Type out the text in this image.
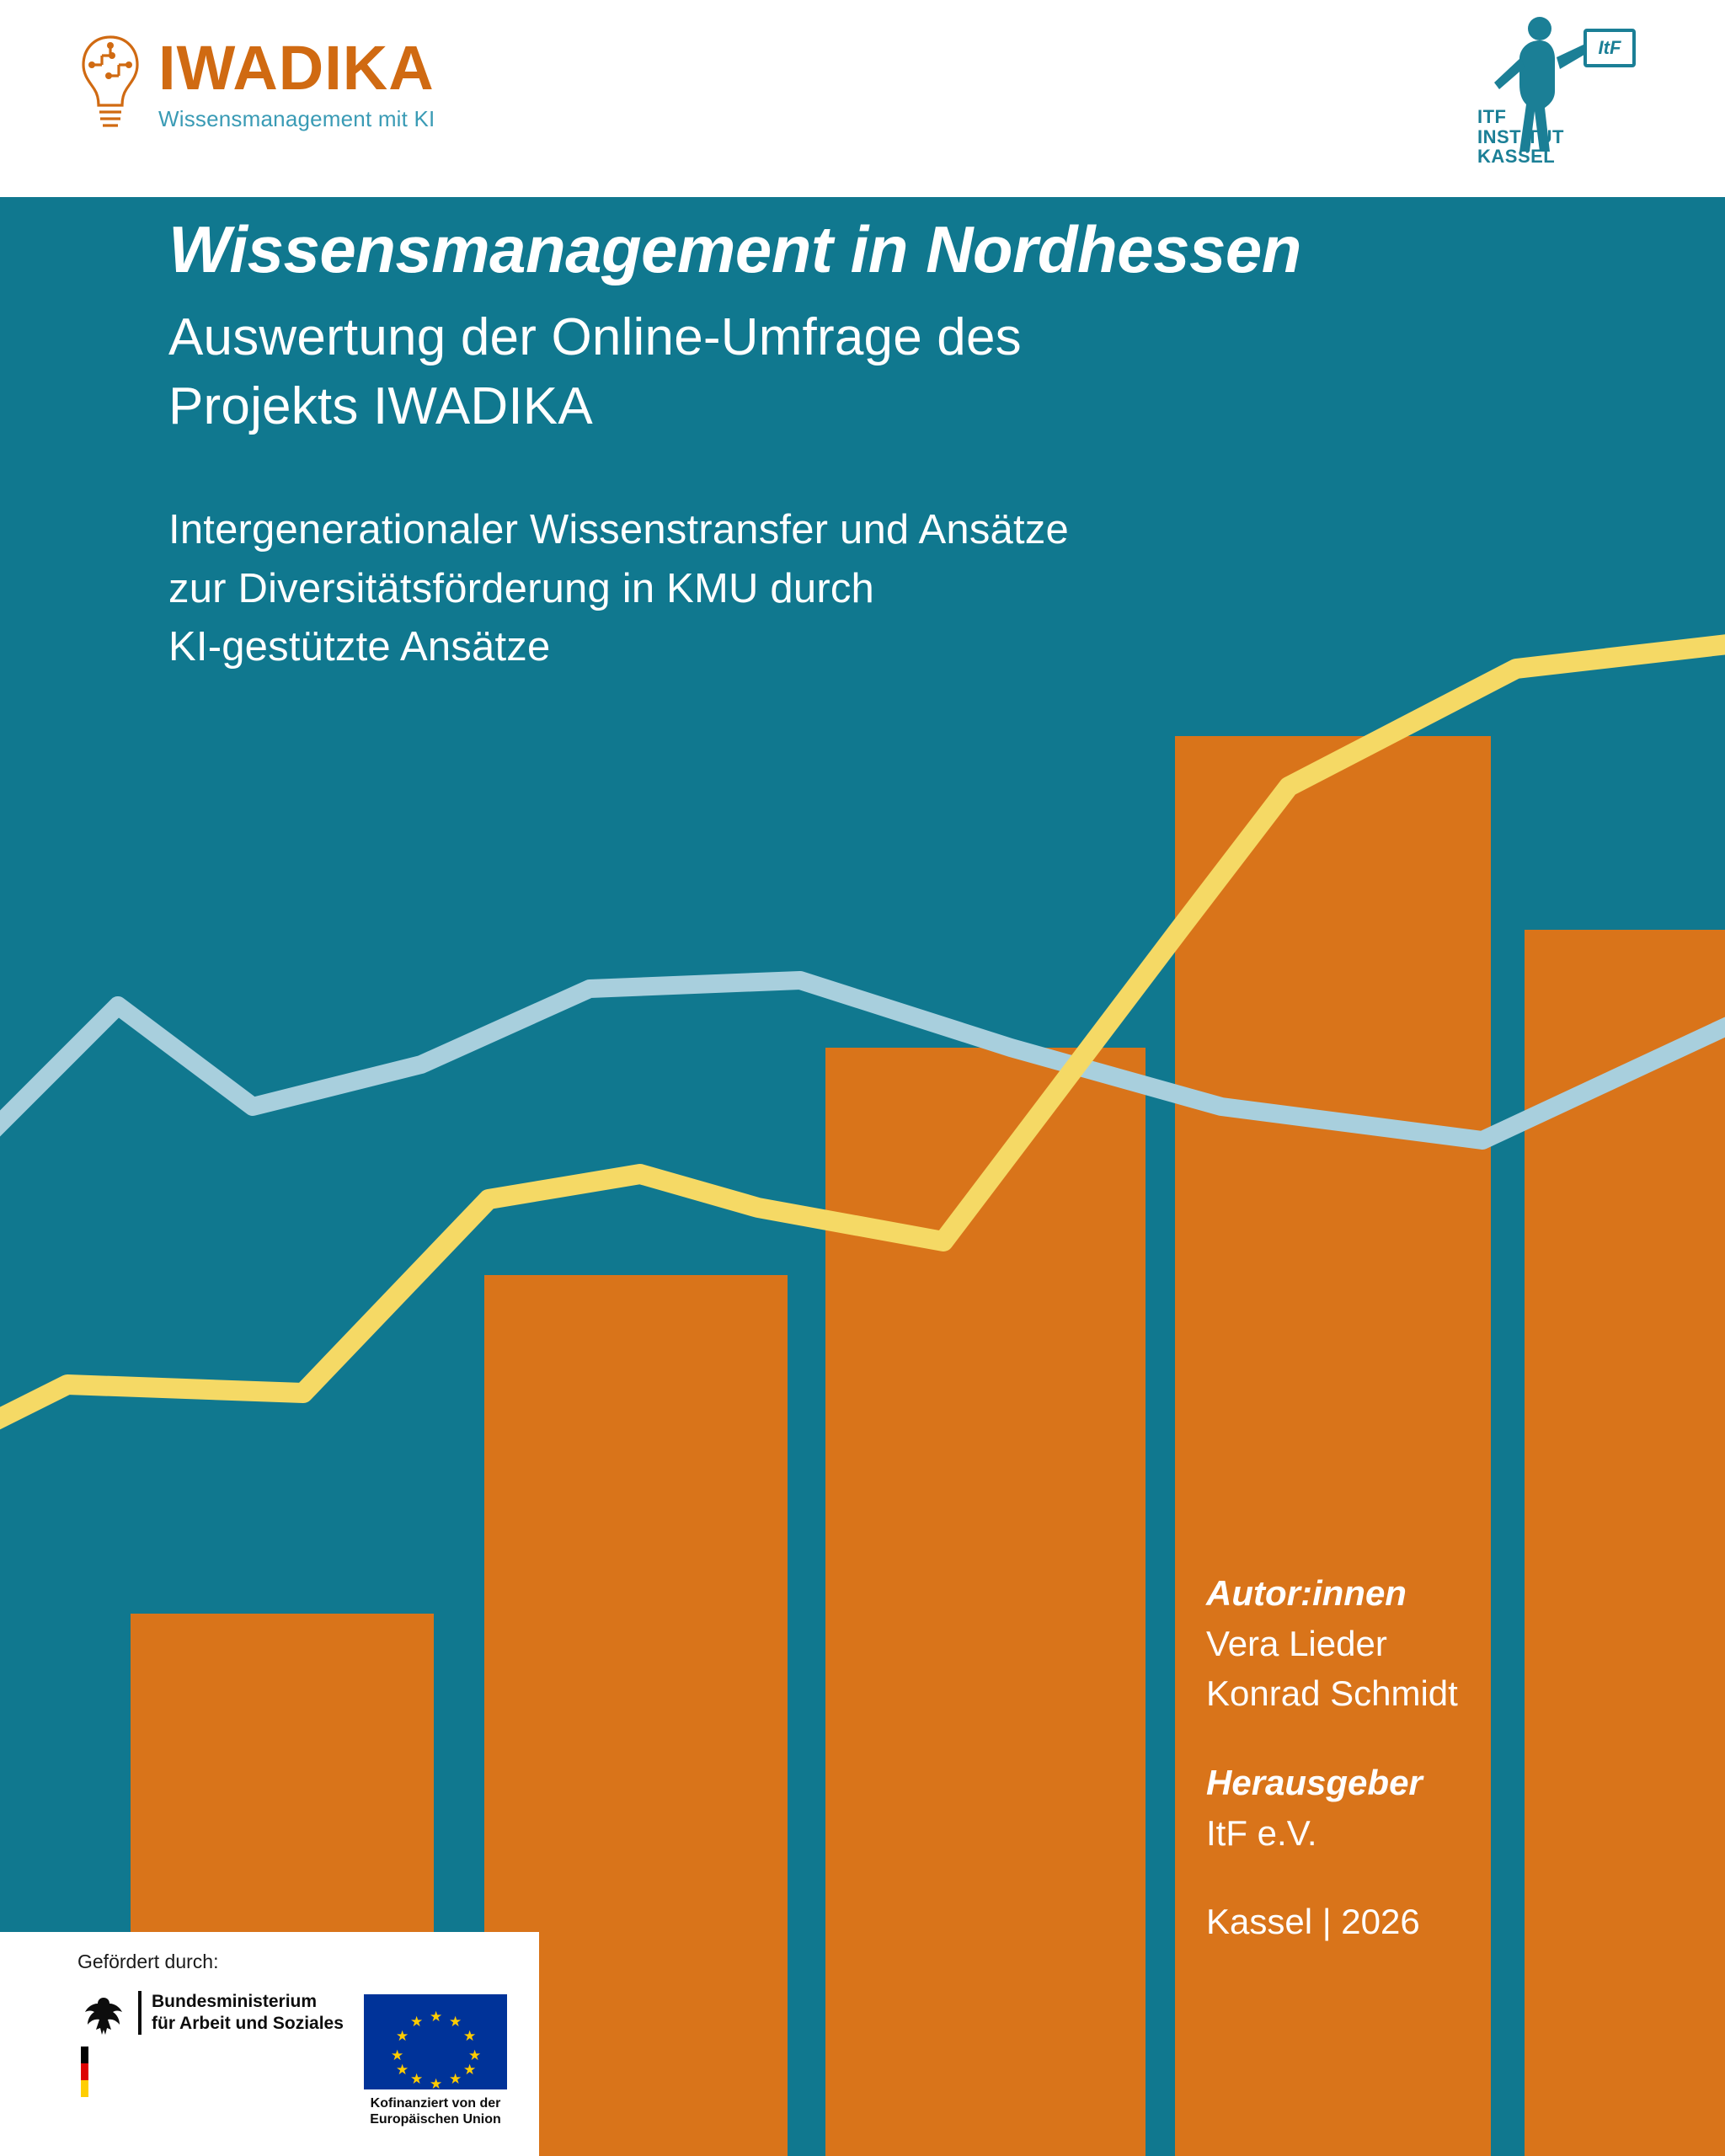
IWADIKA
Wissensmanagement mit KI
ItF
ITF
INSTITUT
KASSEL
Wissensmanagement in Nordhessen

Auswertung der Online-Umfrage des

Projekts IWADIKA

Intergenerationaler Wissenstransfer und Ansätze

zur Diversitätsförderung in KMU durch

KI-gestützte Ansätze

Autor:innen
Vera Lieder
Konrad Schmidt
Herausgeber
ItF e.V.
Kassel | 2026
Gefördert durch:
Bundesministerium
für Arbeit und Soziales	★ ★
★
★
★
★
★
★
★
★
★
★
Kofinanziert von der
Europäischen Union
